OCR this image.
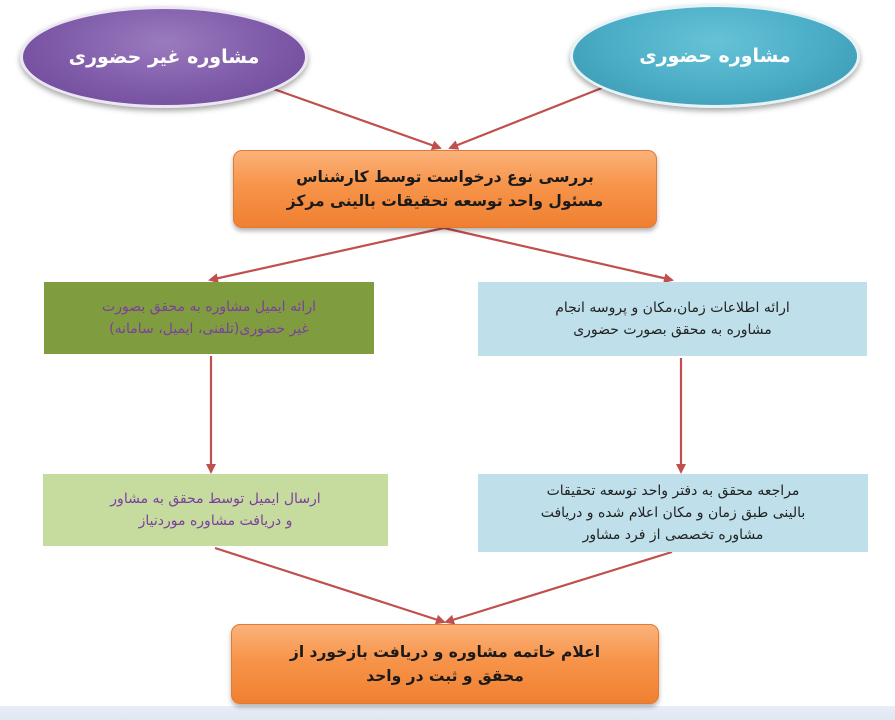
مشاوره غیر حضوری	مشاوره حضوری
بررسی نوع درخواست توسط کارشناس
مسئول واحد توسعه تحقیقات بالینی مرکز
ارائه ایمیل مشاوره به محقق بصورت
غیر حضوری(تلفنی، ایمیل، سامانه)
ارائه اطلاعات زمان،مکان و پروسه انجام
مشاوره به محقق بصورت حضوری
ارسال ایمیل توسط محقق به مشاور
و دریافت مشاوره موردنیاز
مراجعه محقق به دفتر واحد توسعه تحقیقات
بالینی طبق زمان و مکان اعلام شده و دریافت
مشاوره تخصصی از فرد مشاور
اعلام خاتمه مشاوره و دریافت بازخورد از
محقق و ثبت در واحد
